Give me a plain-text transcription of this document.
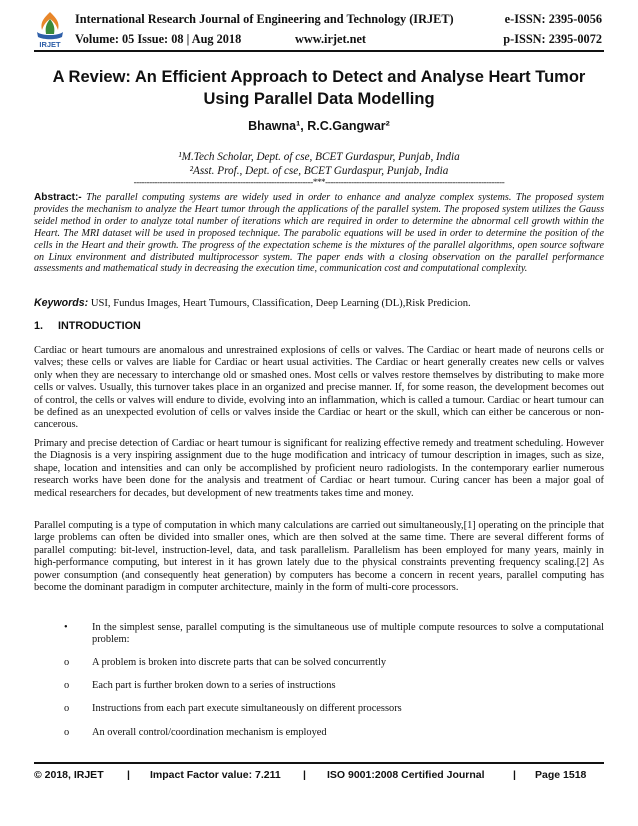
IRJET
International Research Journal of Engineering and Technology (IRJET)	e-ISSN: 2395-0056
Volume: 05 Issue: 08 | Aug 2018	www.irjet.net	p-ISSN: 2395-0072
A Review: An Efficient Approach to Detect and Analyse Heart Tumor
Using Parallel Data Modelling
Bhawna¹, R.C.Gangwar²
¹M.Tech Scholar, Dept. of cse, BCET Gurdaspur, Punjab, India
²Asst. Prof., Dept. of cse, BCET Gurdaspur, Punjab, India
---------------------------------------------------------------------***---------------------------------------------------------------------
Abstract:- The parallel computing systems are widely used in order to enhance and analyze complex systems. The proposed system provides the mechanism to analyze the Heart tumor through the applications of the parallel system. The proposed system utilizes the Gauss seidel method in order to analyze total number of iterations which are required in order to determine the abnormal cell growth within the Heart. The MRI dataset will be used in proposed technique. The parabolic equations will be used in order to determine the position of the cells in the Heart and their growth. The progress of the expectation scheme is the mixtures of the parallel algorithms, open source software on Linux environment and distributed multiprocessor system. The paper ends with a closing observation on the parallel performance assessments and mathematical study in decreasing the execution time, communication cost and computational complexity.
Keywords: USI, Fundus Images, Heart Tumours, Classification, Deep Learning (DL),Risk Predicion.
1. INTRODUCTION
Cardiac or heart tumours are anomalous and unrestrained explosions of cells or valves. The Cardiac or heart made of neurons cells or valves; these cells or valves are liable for Cardiac or heart usual activities. The Cardiac or heart generally creates new cells or valves only when they are necessary to interchange old or smashed ones. Most cells or valves restore themselves by distributing to make more cells or valves. Usually, this turnover takes place in an organized and precise manner. If, for some reason, the development becomes out of control, the cells or valves will endure to divide, evolving into an inflammation, which is called a tumour. Cardiac or heart tumour can be defined as an unexpected evolution of cells or valves inside the Cardiac or heart or the skull, which can either be cancerous or non-cancerous.
Primary and precise detection of Cardiac or heart tumour is significant for realizing effective remedy and treatment scheduling. However the Diagnosis is a very inspiring assignment due to the huge modification and intricacy of tumour description in images, such as size, shape, location and intensities and can only be accomplished by proficient neuro radiologists. In the contemporary earlier numerous research works have been done for the analysis and treatment of Cardiac or heart tumour. Curing cancer has been a major goal of medical researchers for decades, but development of new treatments takes time and money.
Parallel computing is a type of computation in which many calculations are carried out simultaneously,[1] operating on the principle that large problems can often be divided into smaller ones, which are then solved at the same time. There are several different forms of parallel computing: bit-level, instruction-level, data, and task parallelism. Parallelism has been employed for many years, mainly in high-performance computing, but interest in it has grown lately due to the physical constraints preventing frequency scaling.[2] As power consumption (and consequently heat generation) by computers has become a concern in recent years, parallel computing has become the dominant paradigm in computer architecture, mainly in the form of multi-core processors.
• In the simplest sense, parallel computing is the simultaneous use of multiple compute resources to solve a computational problem:
o A problem is broken into discrete parts that can be solved concurrently
o Each part is further broken down to a series of instructions
o Instructions from each part execute simultaneously on different processors
o An overall control/coordination mechanism is employed
© 2018, IRJET | Impact Factor value: 7.211 | ISO 9001:2008 Certified Journal	| Page 1518
